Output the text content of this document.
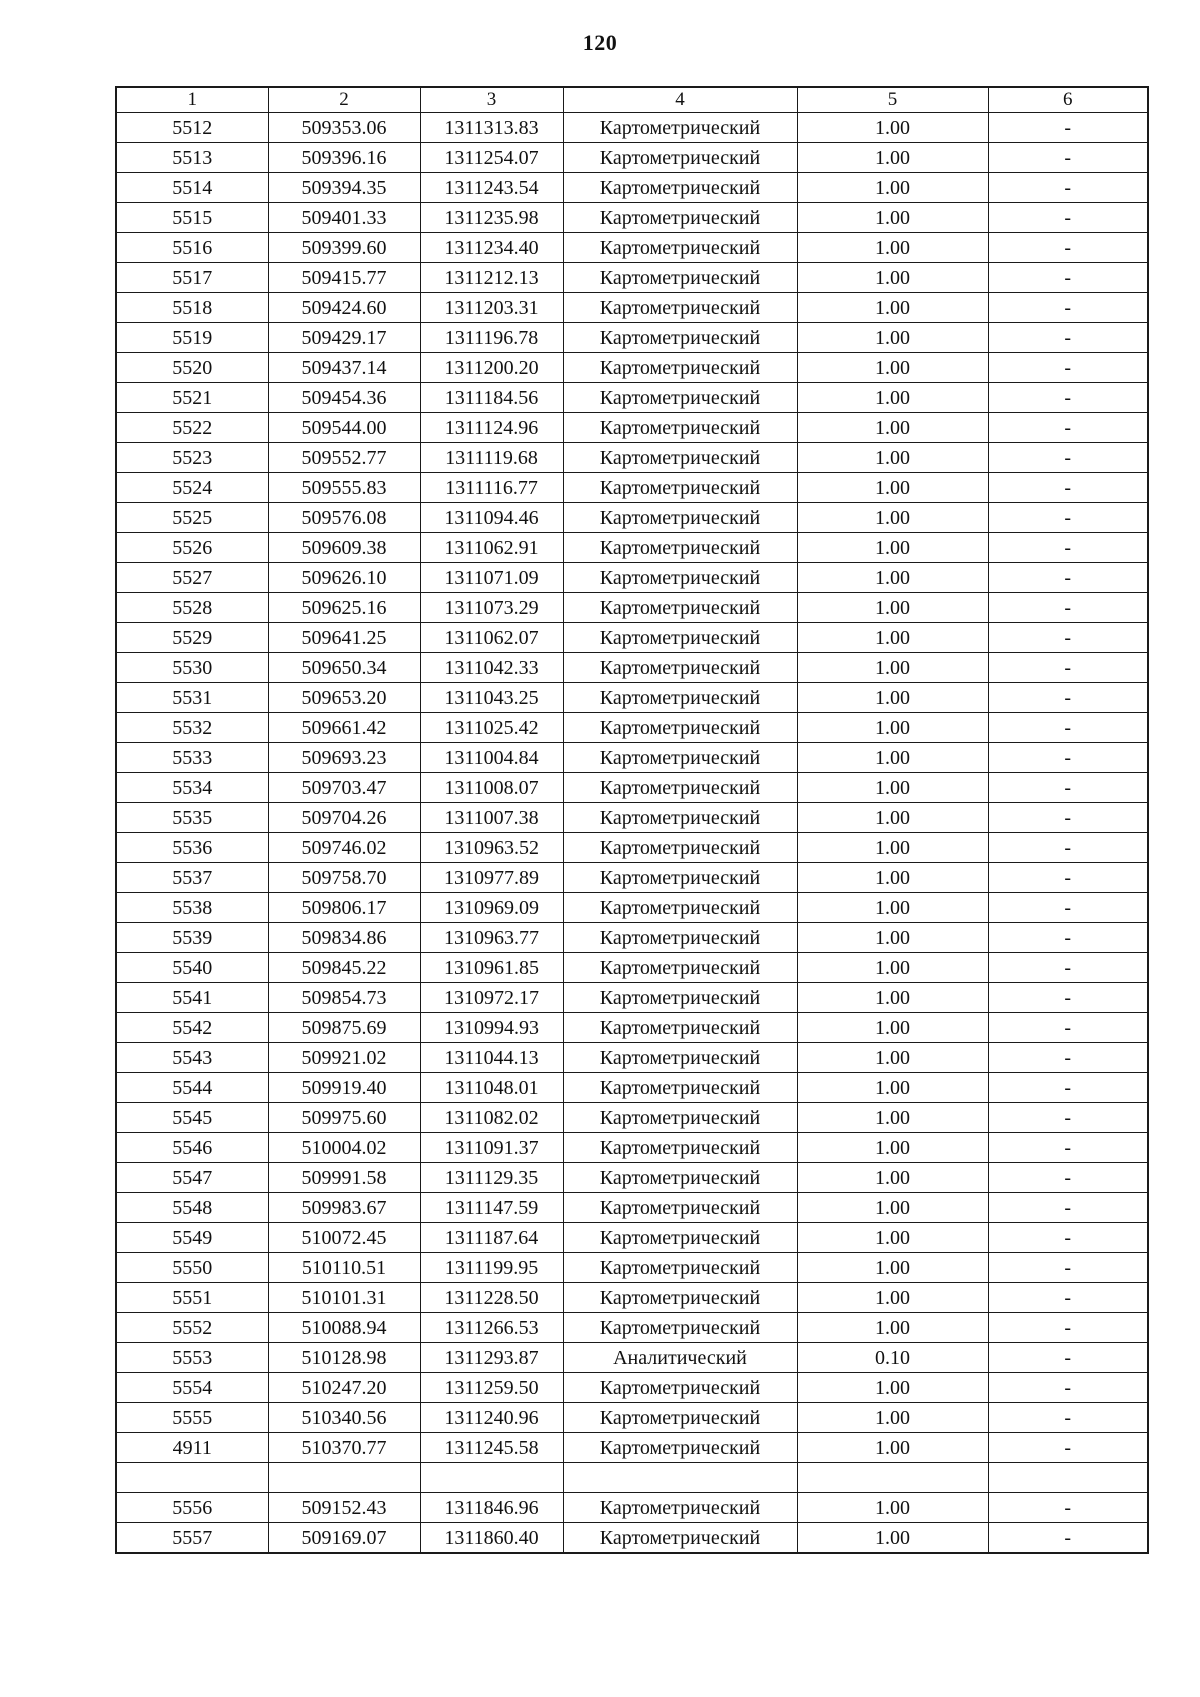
120
1	2	3	4	5	6
5512	509353.06	1311313.83	Картометрический	1.00	-
5513	509396.16	1311254.07	Картометрический	1.00	-
5514	509394.35	1311243.54	Картометрический	1.00	-
5515	509401.33	1311235.98	Картометрический	1.00	-
5516	509399.60	1311234.40	Картометрический	1.00	-
5517	509415.77	1311212.13	Картометрический	1.00	-
5518	509424.60	1311203.31	Картометрический	1.00	-
5519	509429.17	1311196.78	Картометрический	1.00	-
5520	509437.14	1311200.20	Картометрический	1.00	-
5521	509454.36	1311184.56	Картометрический	1.00	-
5522	509544.00	1311124.96	Картометрический	1.00	-
5523	509552.77	1311119.68	Картометрический	1.00	-
5524	509555.83	1311116.77	Картометрический	1.00	-
5525	509576.08	1311094.46	Картометрический	1.00	-
5526	509609.38	1311062.91	Картометрический	1.00	-
5527	509626.10	1311071.09	Картометрический	1.00	-
5528	509625.16	1311073.29	Картометрический	1.00	-
5529	509641.25	1311062.07	Картометрический	1.00	-
5530	509650.34	1311042.33	Картометрический	1.00	-
5531	509653.20	1311043.25	Картометрический	1.00	-
5532	509661.42	1311025.42	Картометрический	1.00	-
5533	509693.23	1311004.84	Картометрический	1.00	-
5534	509703.47	1311008.07	Картометрический	1.00	-
5535	509704.26	1311007.38	Картометрический	1.00	-
5536	509746.02	1310963.52	Картометрический	1.00	-
5537	509758.70	1310977.89	Картометрический	1.00	-
5538	509806.17	1310969.09	Картометрический	1.00	-
5539	509834.86	1310963.77	Картометрический	1.00	-
5540	509845.22	1310961.85	Картометрический	1.00	-
5541	509854.73	1310972.17	Картометрический	1.00	-
5542	509875.69	1310994.93	Картометрический	1.00	-
5543	509921.02	1311044.13	Картометрический	1.00	-
5544	509919.40	1311048.01	Картометрический	1.00	-
5545	509975.60	1311082.02	Картометрический	1.00	-
5546	510004.02	1311091.37	Картометрический	1.00	-
5547	509991.58	1311129.35	Картометрический	1.00	-
5548	509983.67	1311147.59	Картометрический	1.00	-
5549	510072.45	1311187.64	Картометрический	1.00	-
5550	510110.51	1311199.95	Картометрический	1.00	-
5551	510101.31	1311228.50	Картометрический	1.00	-
5552	510088.94	1311266.53	Картометрический	1.00	-
5553	510128.98	1311293.87	Аналитический	0.10	-
5554	510247.20	1311259.50	Картометрический	1.00	-
5555	510340.56	1311240.96	Картометрический	1.00	-
4911	510370.77	1311245.58	Картометрический	1.00	-

5556	509152.43	1311846.96	Картометрический	1.00	-
5557	509169.07	1311860.40	Картометрический	1.00	-
